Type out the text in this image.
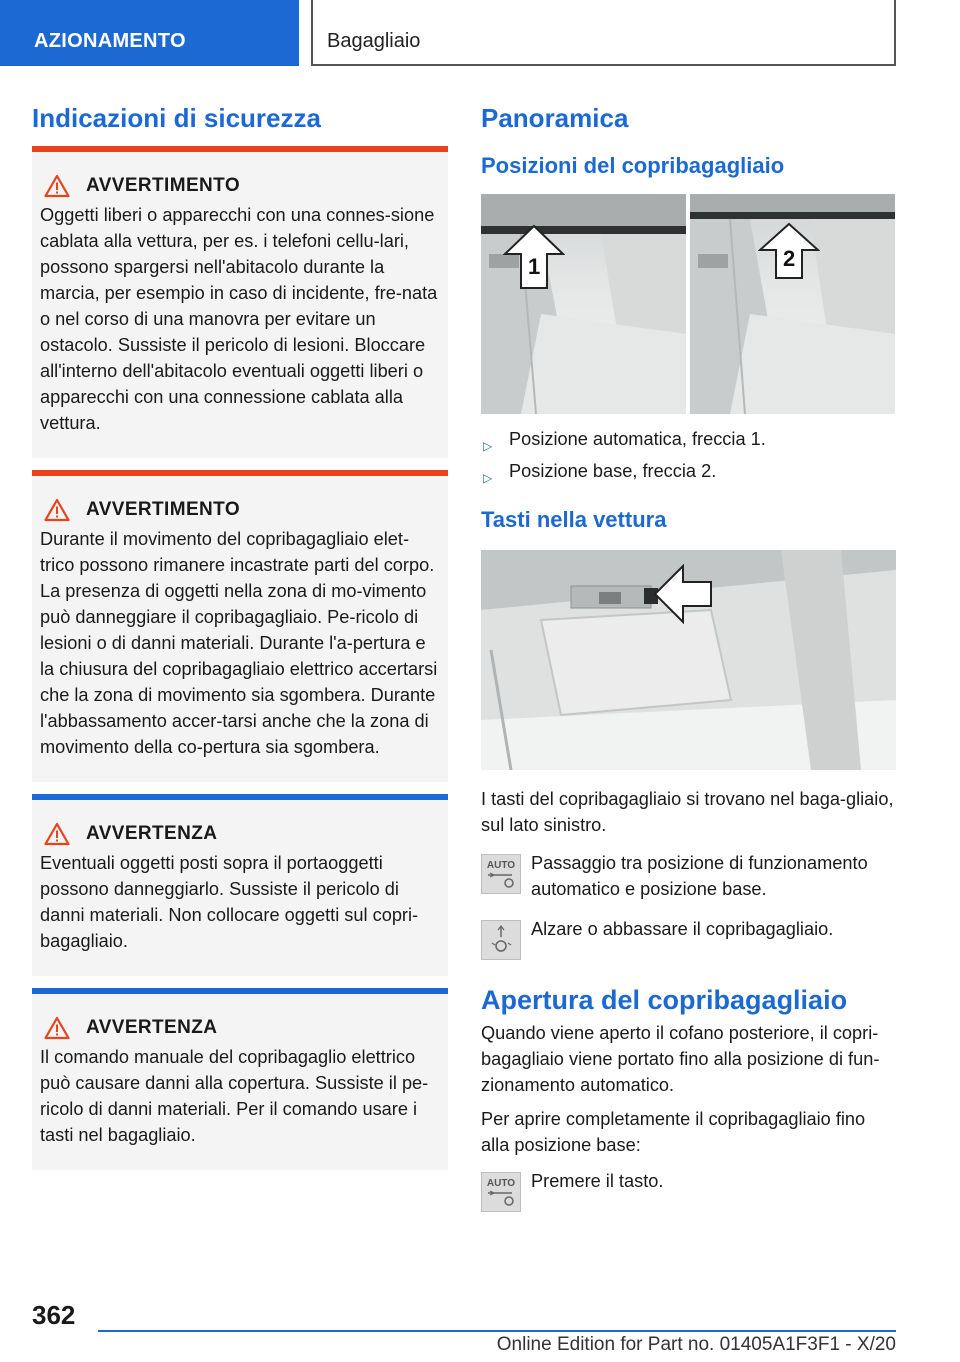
AZIONAMENTO	Bagagliaio
Indicazioni di sicurezza
AVVERTIMENTO

Oggetti liberi o apparecchi con una connes-sione cablata alla vettura, per es. i telefoni cellu-lari, possono spargersi nell'abitacolo durante la marcia, per esempio in caso di incidente, fre-nata o nel corso di una manovra per evitare un ostacolo. Sussiste il pericolo di lesioni. Bloccare all'interno dell'abitacolo eventuali oggetti liberi o apparecchi con una connessione cablata alla vettura.

AVVERTIMENTO

Durante il movimento del copribagagliaio elet-trico possono rimanere incastrate parti del corpo. La presenza di oggetti nella zona di mo-vimento può danneggiare il copribagagliaio. Pe-ricolo di lesioni o di danni materiali. Durante l'a-pertura e la chiusura del copribagagliaio elettrico accertarsi che la zona di movimento sia sgombera. Durante l'abbassamento accer-tarsi anche che la zona di movimento della co-pertura sia sgombera.

AVVERTENZA

Eventuali oggetti posti sopra il portaoggetti possono danneggiarlo. Sussiste il pericolo di danni materiali. Non collocare oggetti sul copri-bagagliaio.

AVVERTENZA

Il comando manuale del copribagaglio elettrico può causare danni alla copertura. Sussiste il pe-ricolo di danni materiali. Per il comando usare i tasti nel bagagliaio.

Panoramica
Posizioni del copribagagliaio
1	2
▷ Posizione automatica, freccia 1.
▷ Posizione base, freccia 2.
Tasti nella vettura

I tasti del copribagagliaio si trovano nel baga-gliaio, sul lato sinistro.

AUTO Passaggio tra posizione di funzionamento automatico e posizione base.
Alzare o abbassare il copribagagliaio.
Apertura del copribagagliaio

Quando viene aperto il cofano posteriore, il copri-bagagliaio viene portato fino alla posizione di fun-zionamento automatico.

Per aprire completamente il copribagagliaio fino alla posizione base:

AUTO Premere il tasto.
362
Online Edition for Part no. 01405A1F3F1 - X/20
